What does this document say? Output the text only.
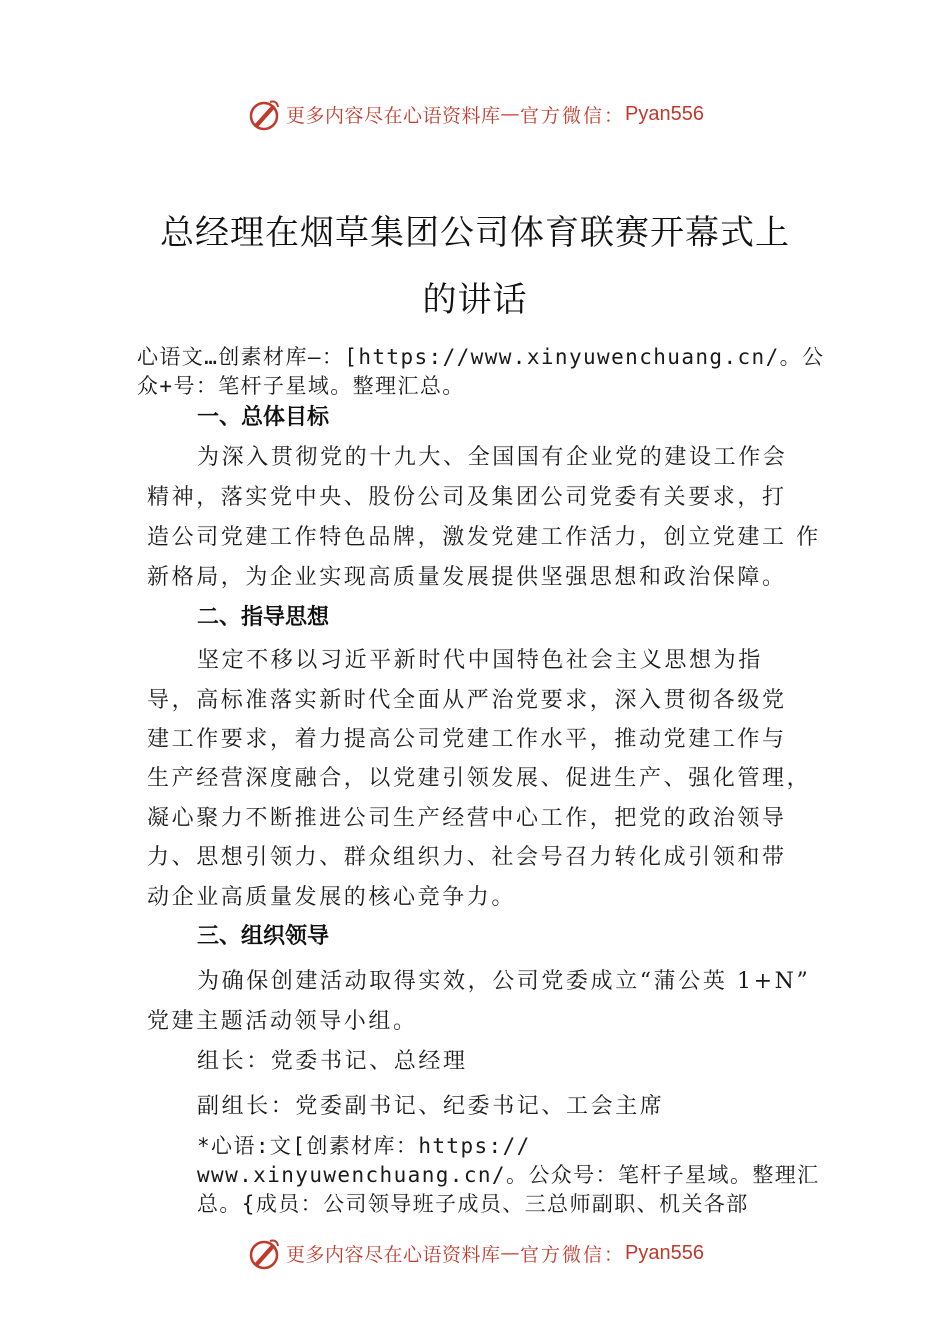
更多内容尽在心语资料库 — 官方微信： Pyan556
总经理在烟草集团公司体育联赛开幕式上
的讲话
心语文…创素材库—：[https://www.xinyuwenchuang.cn/。公
众+号：笔杆子星域。整理汇总。
一、总体目标
为深入贯彻党的十九大、全国国有企业党的建设工作会
精神，落实党中央、股份公司及集团公司党委有关要求，打
造公司党建工作特色品牌，激发党建工作活力，创立党建工 作
新格局，为企业实现高质量发展提供坚强思想和政治保障。
二、指导思想
坚定不移以习近平新时代中国特色社会主义思想为指
导，高标准落实新时代全面从严治党要求，深入贯彻各级党
建工作要求，着力提高公司党建工作水平，推动党建工作与
生产经营深度融合，以党建引领发展、促进生产、强化管理，
凝心聚力不断推进公司生产经营中心工作，把党的政治领导
力、思想引领力、群众组织力、社会号召力转化成引领和带
动企业高质量发展的核心竞争力。
三、组织领导
为确保创建活动取得实效，公司党委成立“蒲公英 1+N”
党建主题活动领导小组。
组长：党委书记、总经理
副组长：党委副书记、纪委书记、工会主席
*心语:文[创素材库：https://
www.xinyuwenchuang.cn/。公众号：笔杆子星域。整理汇
总。{成员：公司领导班子成员、三总师副职、机关各部
更多内容尽在心语资料库 — 官方微信： Pyan556
